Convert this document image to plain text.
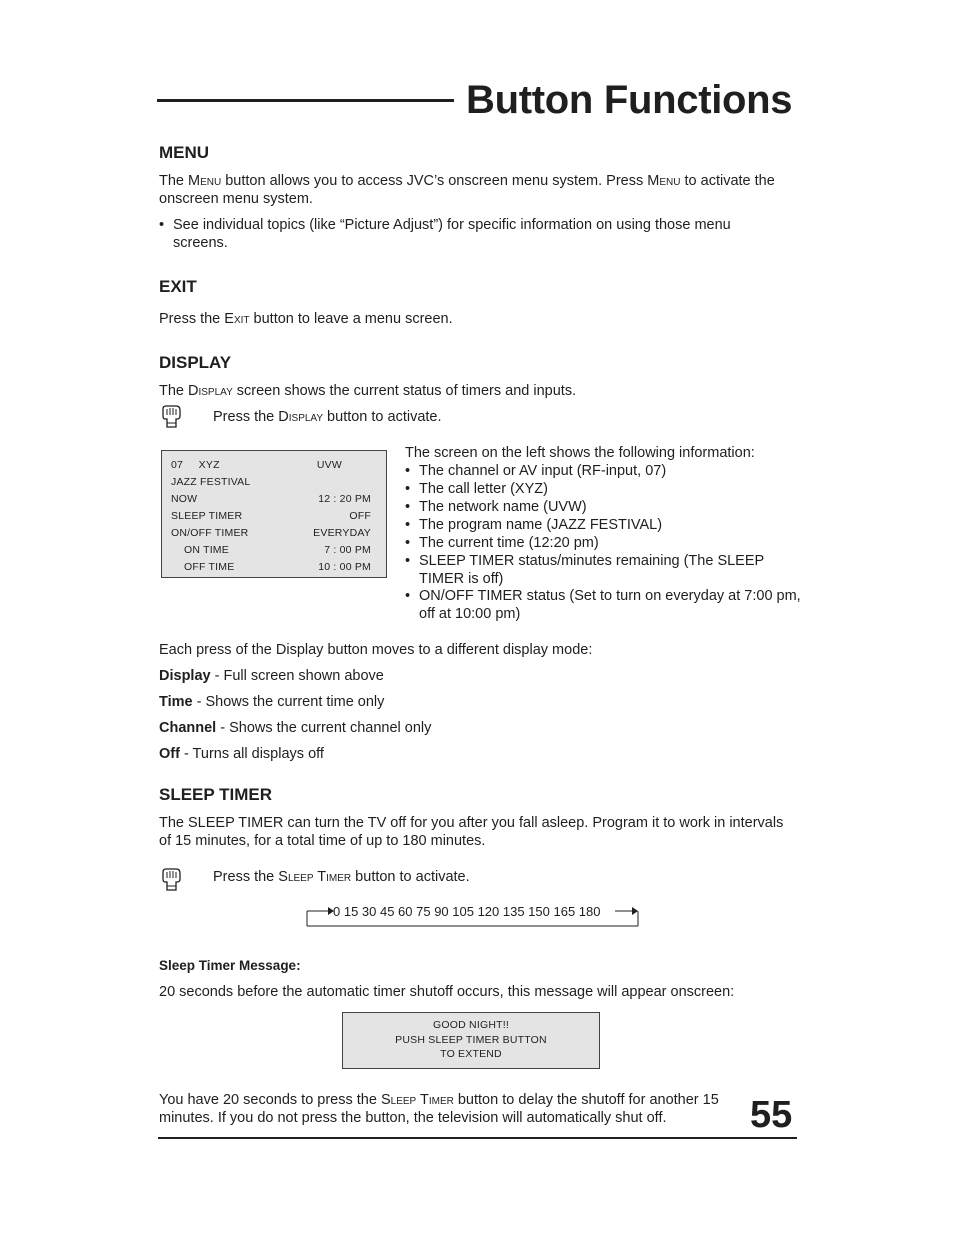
Button Functions
MENU

The Menu button allows you to access JVC’s onscreen menu system. Press Menu to activate the onscreen menu system.

• See individual topics (like “Picture Adjust”) for specific information on using those menu screens.
EXIT

Press the Exit button to leave a menu screen.

DISPLAY

The Display screen shows the current status of timers and inputs.

Press the Display button to activate.

07     XYZ	UVW
JAZZ FESTIVAL
NOW	12 : 20 PM
SLEEP TIMER	OFF
ON/OFF TIMER	EVERYDAY
ON TIME	7 : 00 PM
OFF TIME	10 : 00 PM

The screen on the left shows the following information:

• The channel or AV input (RF-input, 07)
• The call letter (XYZ)
• The network name (UVW)
• The program name (JAZZ FESTIVAL)
• The current time (12:20 pm)
• SLEEP TIMER status/minutes remaining (The SLEEP TIMER is off)
• ON/OFF TIMER status (Set to turn on everyday at 7:00 pm, off at 10:00 pm)

Each press of the Display button moves to a different display mode:

Display - Full screen shown above

Time - Shows the current time only

Channel - Shows the current channel only

Off - Turns all displays off

SLEEP TIMER

The SLEEP TIMER can turn the TV off for you after you fall asleep. Program it to work in intervals of 15 minutes, for a total time of up to 180 minutes.

Press the Sleep Timer button to activate.

0 15 30 45 60 75 90 105 120 135 150 165 180

Sleep Timer Message:

20 seconds before the automatic timer shutoff occurs, this message will appear onscreen:

GOOD NIGHT!!
PUSH SLEEP TIMER BUTTON
TO EXTEND

You have 20 seconds to press the Sleep Timer button to delay the shutoff for another 15 minutes. If you do not press the button, the television will automatically shut off.	55
